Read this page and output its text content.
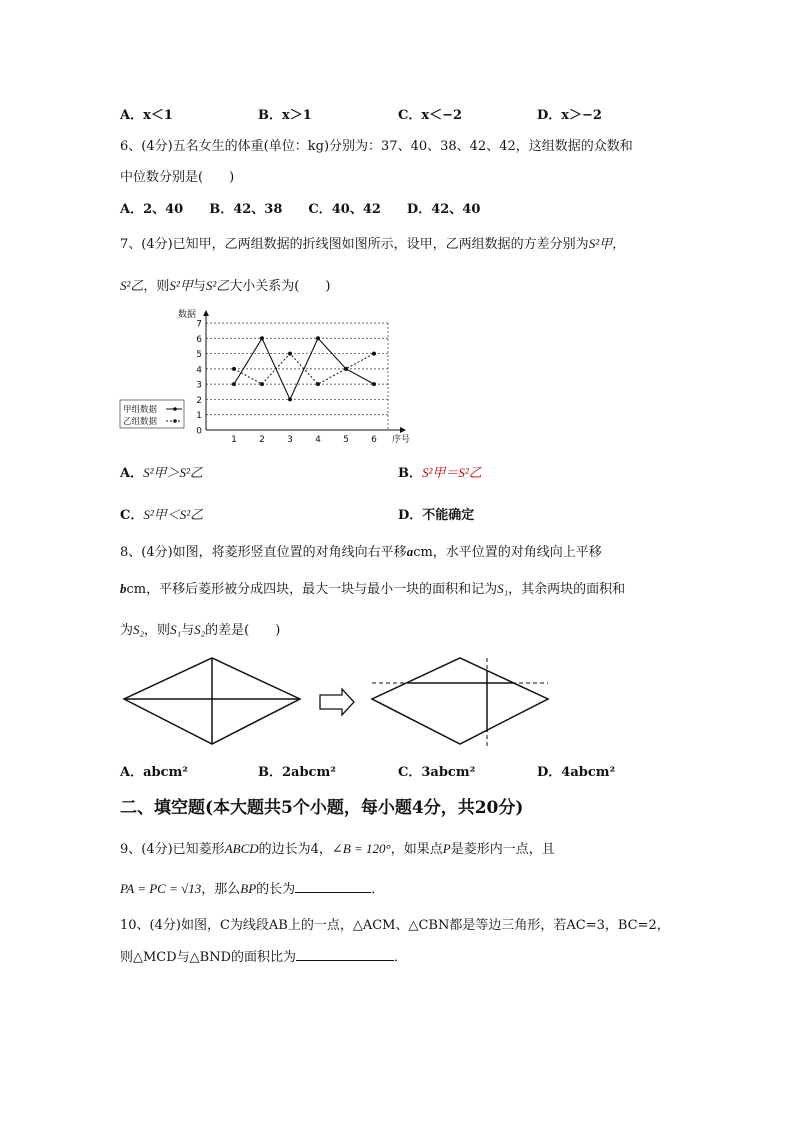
A．x＜1	B．x＞1	C．x＜−2	D．x＞−2
6、(4分)五名女生的体重(单位：kg)分别为：37、40、38、42、42，这组数据的众数和
中位数分别是(　　)
A．2、40　　B．42、38　　C．40、42　　D．42、40
7、(4分)已知甲，乙两组数据的折线图如图所示，设甲，乙两组数据的方差分别为S²甲，
S²乙，则S²甲与S²乙大小关系为(　　)
0
1
2
3
4
5
6
7
1 2 3 4 5 6
数据
序号
甲组数据
乙组数据
A．S²甲＞S²乙	B．S²甲＝S²乙
C．S²甲＜S²乙	D．不能确定
8、(4分)如图，将菱形竖直位置的对角线向右平移acm，水平位置的对角线向上平移
bcm，平移后菱形被分成四块，最大一块与最小一块的面积和记为S₁，其余两块的面积和
为S₂，则S₁与S₂的差是(　　)
A．abcm²	B．2abcm²	C．3abcm²	D．4abcm²
二、填空题(本大题共5个小题，每小题4分，共20分)
9、(4分)已知菱形ABCD的边长为4，∠B = 120°，如果点P是菱形内一点，且
PA = PC = √13，那么BP的长为	．
10、(4分)如图，C为线段AB上的一点，△ACM、△CBN都是等边三角形，若AC=3，BC=2，
则△MCD与△BND的面积比为	．
